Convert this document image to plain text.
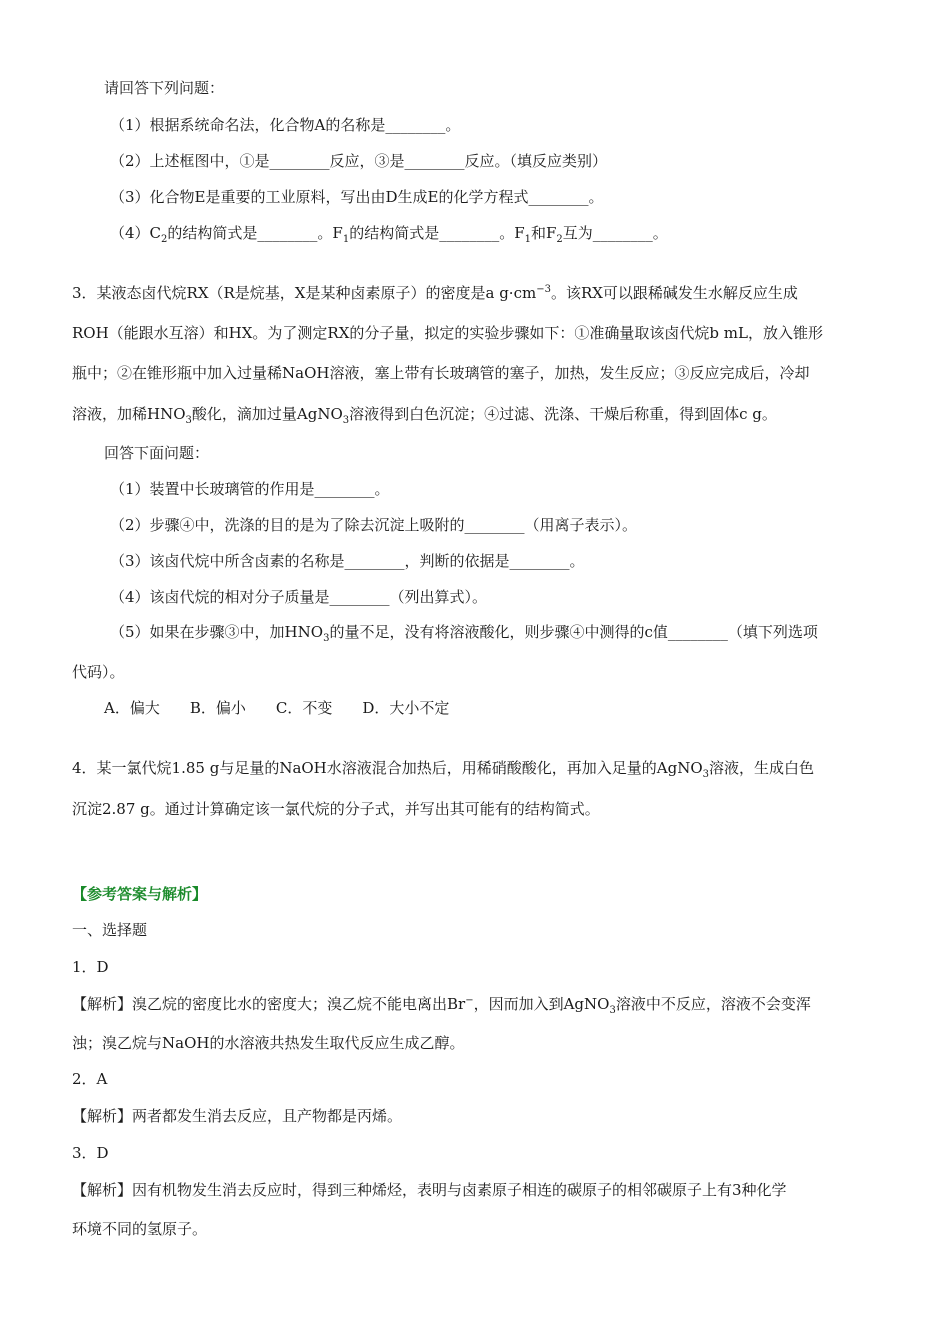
请回答下列问题：
（1）根据系统命名法，化合物A的名称是________。
（2）上述框图中，①是________反应，③是________反应。（填反应类别）
（3）化合物E是重要的工业原料，写出由D生成E的化学方程式________。
$(4)C_2$的结构简式是________。$F_1$的结构简式是________。$F_1$和$F_2$互为________。
3．某液态卤代烷RX（R是烷基，X是某种卤素原子）的密度是a $g\cdot cm^{-3}$。该RX可以跟稀碱发生水解反应生成
ROH（能跟水互溶）和HX。为了测定RX的分子量，拟定的实验步骤如下：①准确量取该卤代烷b mL，放入锥形
瓶中；②在锥形瓶中加入过量稀NaOH溶液，塞上带有长玻璃管的塞子，加热，发生反应；③反应完成后，冷却
溶液，加稀$HNO_3$酸化，滴加过量AgNO$_3$溶液得到白色沉淀；④过滤、洗涤、干燥后称重，得到固体c g。
回答下面问题：
（1）装置中长玻璃管的作用是________。
（2）步骤④中，洗涤的目的是为了除去沉淀上吸附的________（用离子表示）。
（3）该卤代烷中所含卤素的名称是________，判断的依据是________。
（4）该卤代烷的相对分子质量是________（列出算式）。
（5）如果在步骤③中，加$HNO_3$的量不足，没有将溶液酸化，则步骤④中测得的c值________（填下列选项
代码）。
A．偏大　　B．偏小　　C．不变　　D．大小不定
4．某一氯代烷1.85 g与足量的NaOH水溶液混合加热后，用稀硝酸酸化，再加入足量的AgNO$_3$溶液，生成白色
沉淀2.87 g。通过计算确定该一氯代烷的分子式，并写出其可能有的结构简式。
【参考答案与解析】
一、选择题
1．D
【解析】溴乙烷的密度比水的密度大；溴乙烷不能电离出Br−，因而加入到AgNO$_3$溶液中不反应，溶液不会变浑
浊；溴乙烷与NaOH的水溶液共热发生取代反应生成乙醇。
2．A
【解析】两者都发生消去反应，且产物都是丙烯。
3．D
【解析】因有机物发生消去反应时，得到三种烯烃，表明与卤素原子相连的碳原子的相邻碳原子上有3种化学
环境不同的氢原子。
